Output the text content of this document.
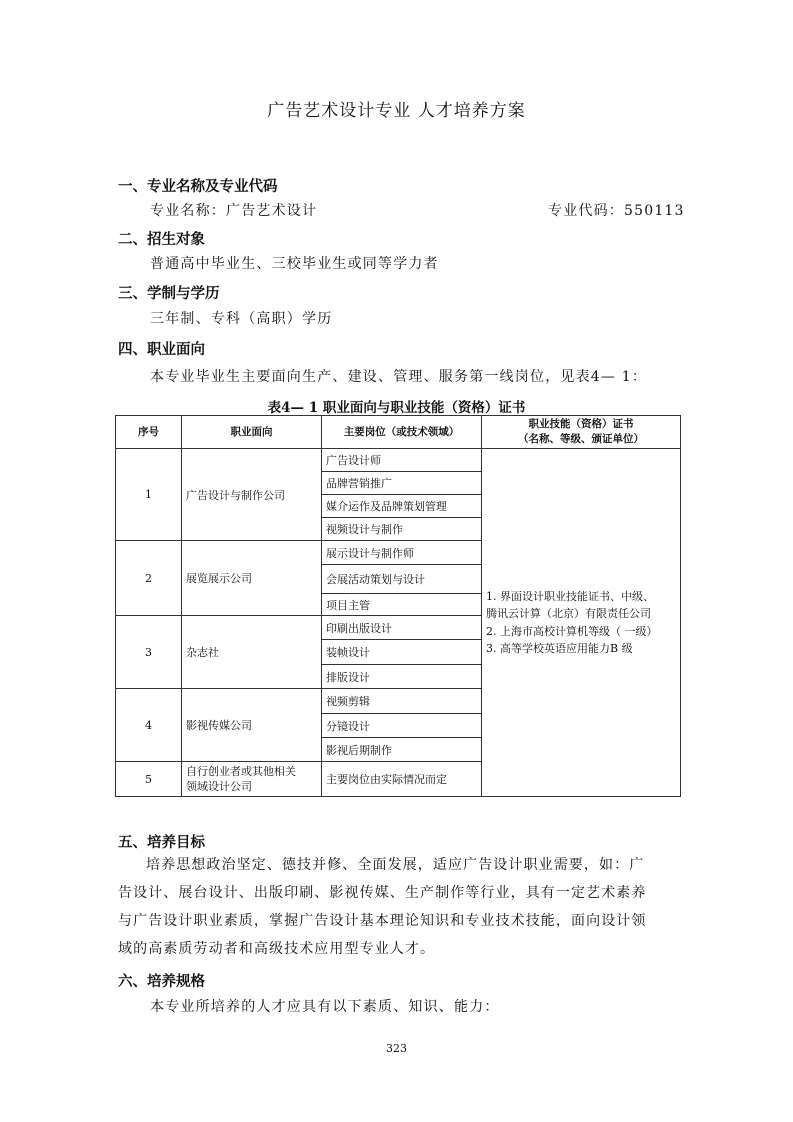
广告艺术设计专业 人才培养方案
一、专业名称及专业代码
专业名称：广告艺术设计	专业代码：550113
二、招生对象
普通高中毕业生、三校毕业生或同等学力者
三、学制与学历
三年制、专科（高职）学历
四、职业面向
本专业毕业生主要面向生产、建设、管理、服务第一线岗位，见表4— 1：
表4— 1 职业面向与职业技能（资格）证书
序号	职业面向	主要岗位（或技术领域）	职业技能（资格）证书
（名称、等级、颁证单位）

1	广告设计与制作公司	广告设计师	1. 界面设计职业技能证书、中级、
腾讯云计算（北京）有限责任公司
2. 上海市高校计算机等级（ 一级）
3. 高等学校英语应用能力B 级

		品牌营销推广	
		媒介运作及品牌策划管理	
		视频设计与制作	
2	展览展示公司	展示设计与制作师	
		会展活动策划与设计	
		项目主管	
3	杂志社	印刷出版设计	
		装帧设计	
		排版设计	
4	影视传媒公司	视频剪辑	
		分镜设计	
		影视后期制作	
5	自行创业者或其他相关
领域设计公司	主要岗位由实际情况而定	
五、培养目标
培养思想政治坚定、德技并修、全面发展，适应广告设计职业需要，如：广
告设计、展台设计、出版印刷、影视传媒、生产制作等行业，具有一定艺术素养
与广告设计职业素质，掌握广告设计基本理论知识和专业技术技能，面向设计领
域的高素质劳动者和高级技术应用型专业人才。
六、培养规格
本专业所培养的人才应具有以下素质、知识、能力：
323
